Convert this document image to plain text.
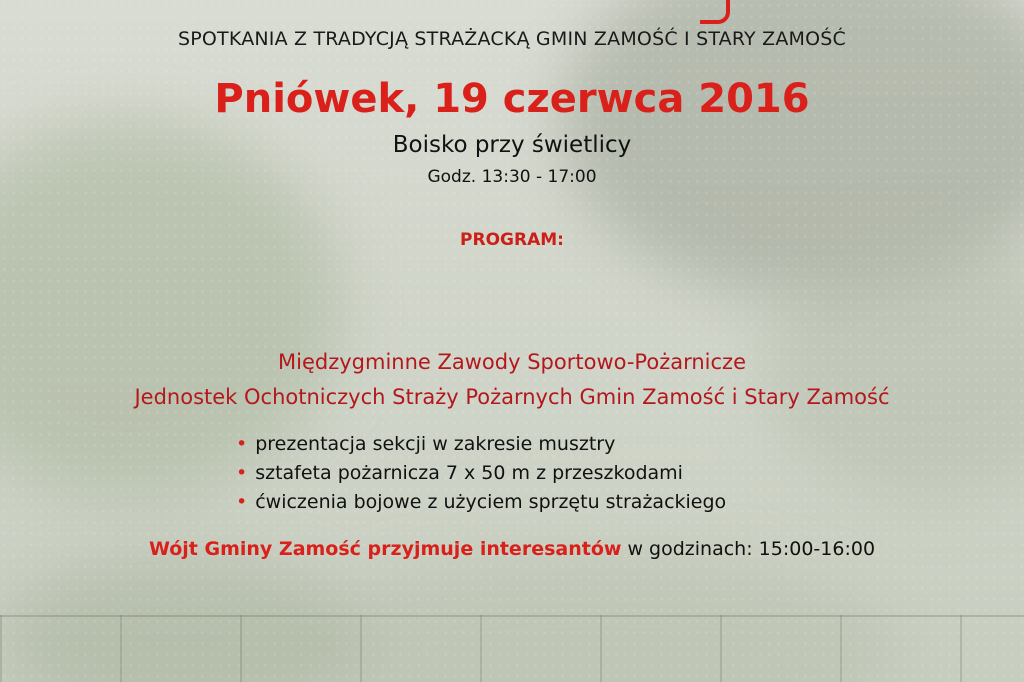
SPOTKANIA Z TRADYCJĄ STRAŻACKĄ GMIN ZAMOŚĆ I STARY ZAMOŚĆ
Pniówek, 19 czerwca 2016
Boisko przy świetlicy
Godz. 13:30 - 17:00
PROGRAM:
Międzygminne Zawody Sportowo-Pożarnicze
Jednostek Ochotniczych Straży Pożarnych Gmin Zamość i Stary Zamość
• prezentacja sekcji w zakresie musztry
• sztafeta pożarnicza 7 x 50 m z przeszkodami
• ćwiczenia bojowe z użyciem sprzętu strażackiego
Wójt Gminy Zamość przyjmuje interesantów w godzinach: 15:00-16:00
